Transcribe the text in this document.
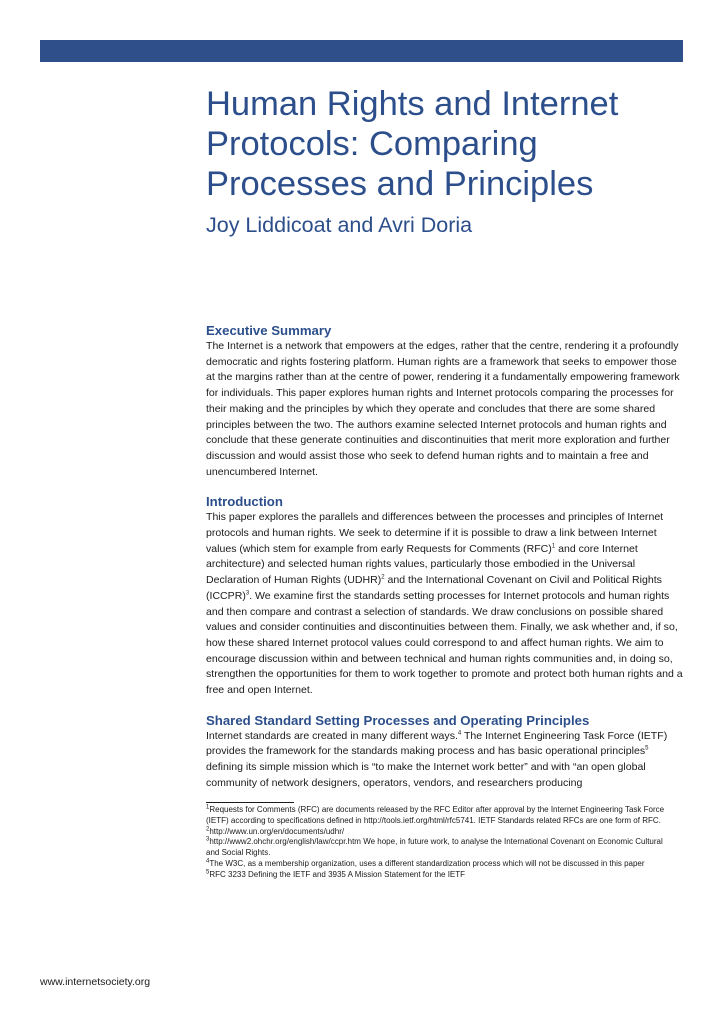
Human Rights and Internet Protocols: Comparing Processes and Principles
Joy Liddicoat and Avri Doria
Executive Summary

The Internet is a network that empowers at the edges, rather that the centre, rendering it a profoundly democratic and rights fostering platform. Human rights are a framework that seeks to empower those at the margins rather than at the centre of power, rendering it a fundamentally empowering framework for individuals. This paper explores human rights and Internet protocols comparing the processes for their making and the principles by which they operate and concludes that there are some shared principles between the two. The authors examine selected Internet protocols and human rights and conclude that these generate continuities and discontinuities that merit more exploration and further discussion and would assist those who seek to defend human rights and to maintain a free and unencumbered Internet.

Introduction

This paper explores the parallels and differences between the processes and principles of Internet protocols and human rights. We seek to determine if it is possible to draw a link between Internet values (which stem for example from early Requests for Comments (RFC)$^1$ and core Internet architecture) and selected human rights values, particularly those embodied in the Universal Declaration of Human Rights (UDHR)$^2$ and the International Covenant on Civil and Political Rights (ICCPR)$^3$. We examine first the standards setting processes for Internet protocols and human rights and then compare and contrast a selection of standards. We draw conclusions on possible shared values and consider continuities and discontinuities between them. Finally, we ask whether and, if so, how these shared Internet protocol values could correspond to and affect human rights. We aim to encourage discussion within and between technical and human rights communities and, in doing so, strengthen the opportunities for them to work together to promote and protect both human rights and a free and open Internet.

Shared Standard Setting Processes and Operating Principles

Internet standards are created in many different ways.$^4$ The Internet Engineering Task Force (IETF) provides the framework for the standards making process and has basic operational principles$^5$ defining its simple mission which is “to make the Internet work better” and with “an open global community of network designers, operators, vendors, and researchers producing

$^1$Requests for Comments (RFC) are documents released by the RFC Editor after approval by the Internet Engineering Task Force (IETF) according to specifications defined in http://tools.ietf.org/html/rfc5741. IETF Standards related RFCs are one form of RFC.

$^2$http://www.un.org/en/documents/udhr/

$^3$http://www2.ohchr.org/english/law/ccpr.htm We hope, in future work, to analyse the International Covenant on Economic Cultural and Social Rights.

$^4$The W3C, as a membership organization, uses a different standardization process which will not be discussed in this paper

$^5$RFC 3233 Defining the IETF and 3935 A Mission Statement for the IETF

www.internetsociety.org
